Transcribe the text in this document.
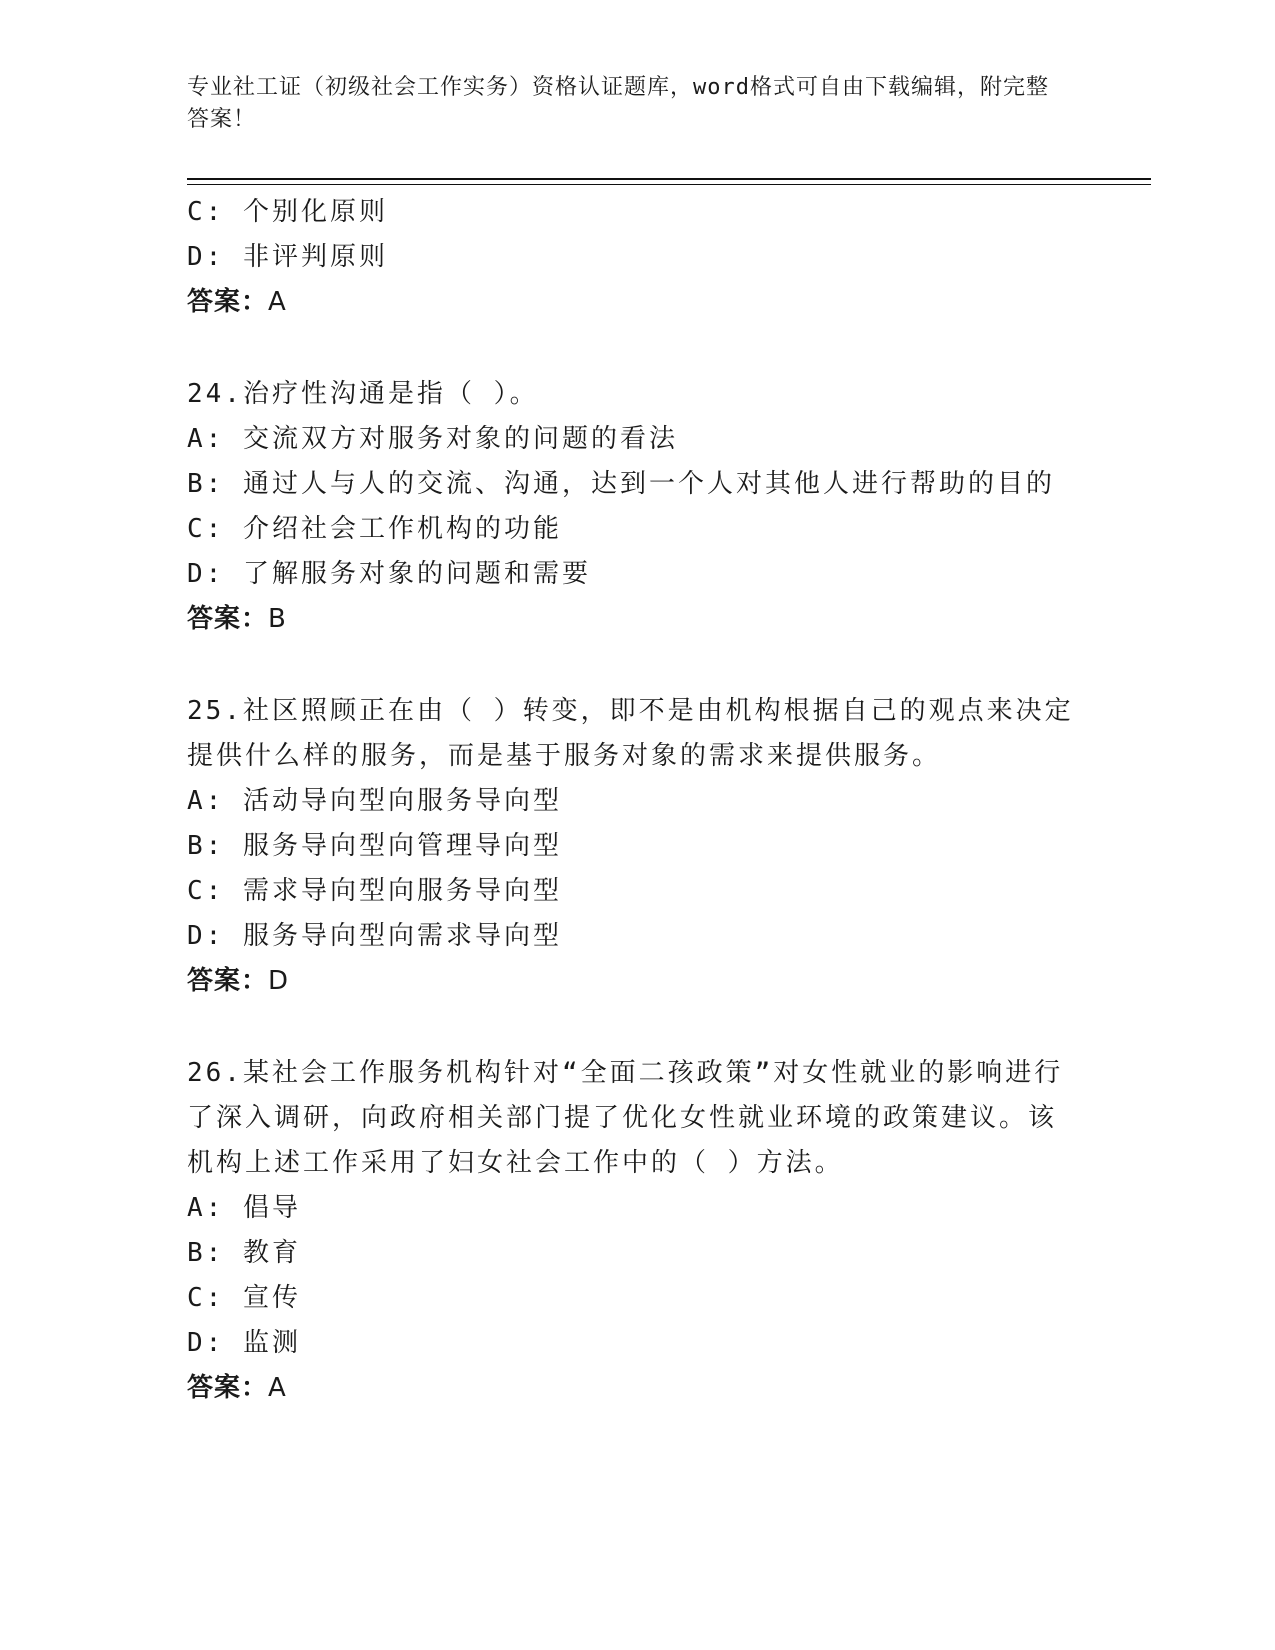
专业社工证（初级社会工作实务）资格认证题库，word格式可自由下载编辑，附完整答案！
C: 个别化原则
D: 非评判原则
答案：A
24.治疗性沟通是指（ ）。
A: 交流双方对服务对象的问题的看法
B: 通过人与人的交流、沟通，达到一个人对其他人进行帮助的目的
C: 介绍社会工作机构的功能
D: 了解服务对象的问题和需要
答案：B
25.社区照顾正在由（ ）转变，即不是由机构根据自己的观点来决定
提供什么样的服务，而是基于服务对象的需求来提供服务。
A: 活动导向型向服务导向型
B: 服务导向型向管理导向型
C: 需求导向型向服务导向型
D: 服务导向型向需求导向型
答案：D
26.某社会工作服务机构针对“全面二孩政策”对女性就业的影响进行
了深入调研，向政府相关部门提了优化女性就业环境的政策建议。该
机构上述工作采用了妇女社会工作中的（ ）方法。
A: 倡导
B: 教育
C: 宣传
D: 监测
答案：A
